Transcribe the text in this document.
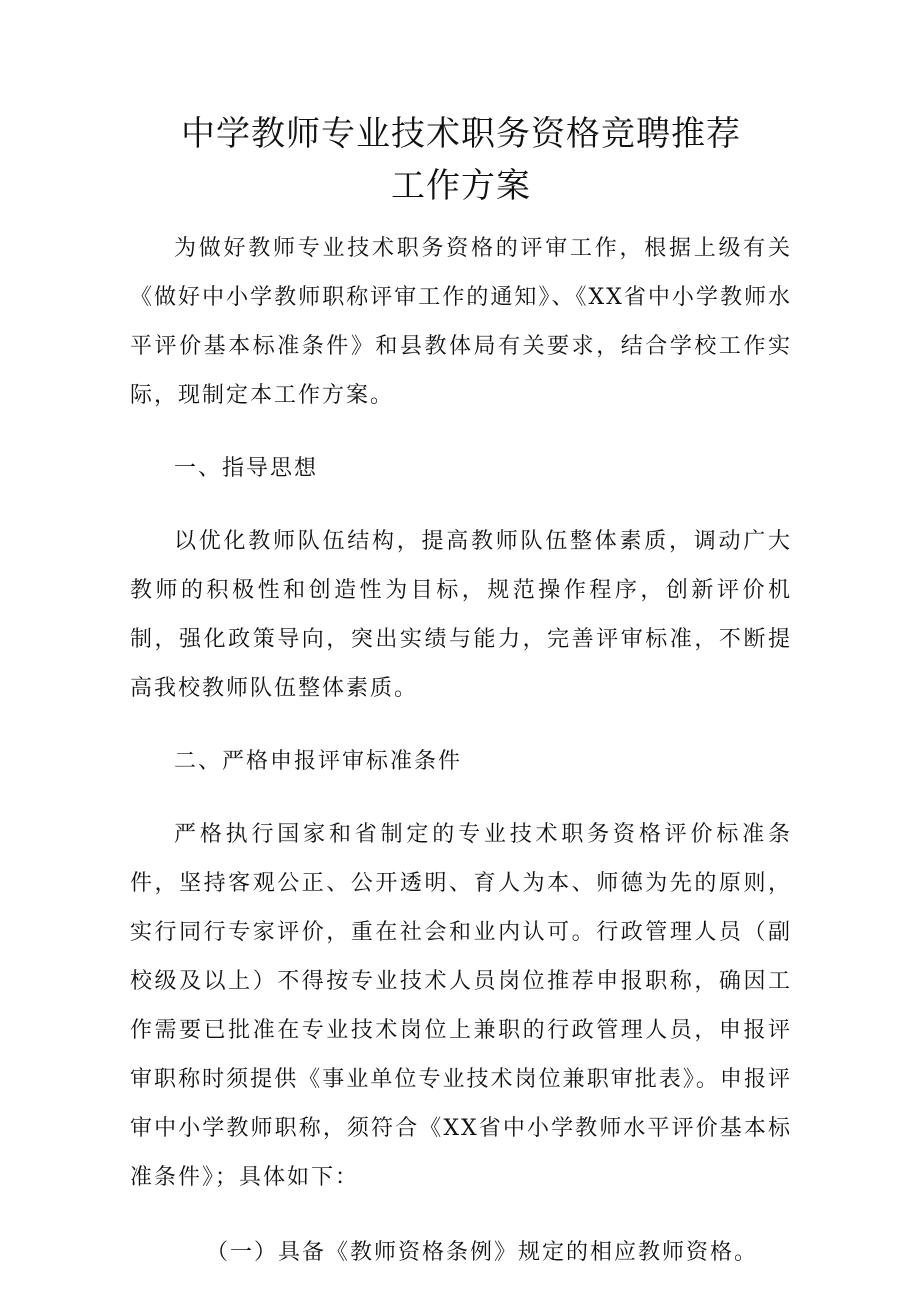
中学教师专业技术职务资格竞聘推荐
工作方案

为做好教师专业技术职务资格的评审工作，根据上级有关《做好中小学教师职称评审工作的通知》、《XX省中小学教师水平评价基本标准条件》和县教体局有关要求，结合学校工作实际，现制定本工作方案。

一、指导思想

以优化教师队伍结构，提高教师队伍整体素质，调动广大教师的积极性和创造性为目标，规范操作程序，创新评价机制，强化政策导向，突出实绩与能力，完善评审标准，不断提高我校教师队伍整体素质。

二、严格申报评审标准条件

严格执行国家和省制定的专业技术职务资格评价标准条件，坚持客观公正、公开透明、育人为本、师德为先的原则，实行同行专家评价，重在社会和业内认可。行政管理人员（副校级及以上）不得按专业技术人员岗位推荐申报职称，确因工作需要已批准在专业技术岗位上兼职的行政管理人员，申报评审职称时须提供《事业单位专业技术岗位兼职审批表》。申报评审中小学教师职称，须符合《XX省中小学教师水平评价基本标准条件》；具体如下：

（一）具备《教师资格条例》规定的相应教师资格。
